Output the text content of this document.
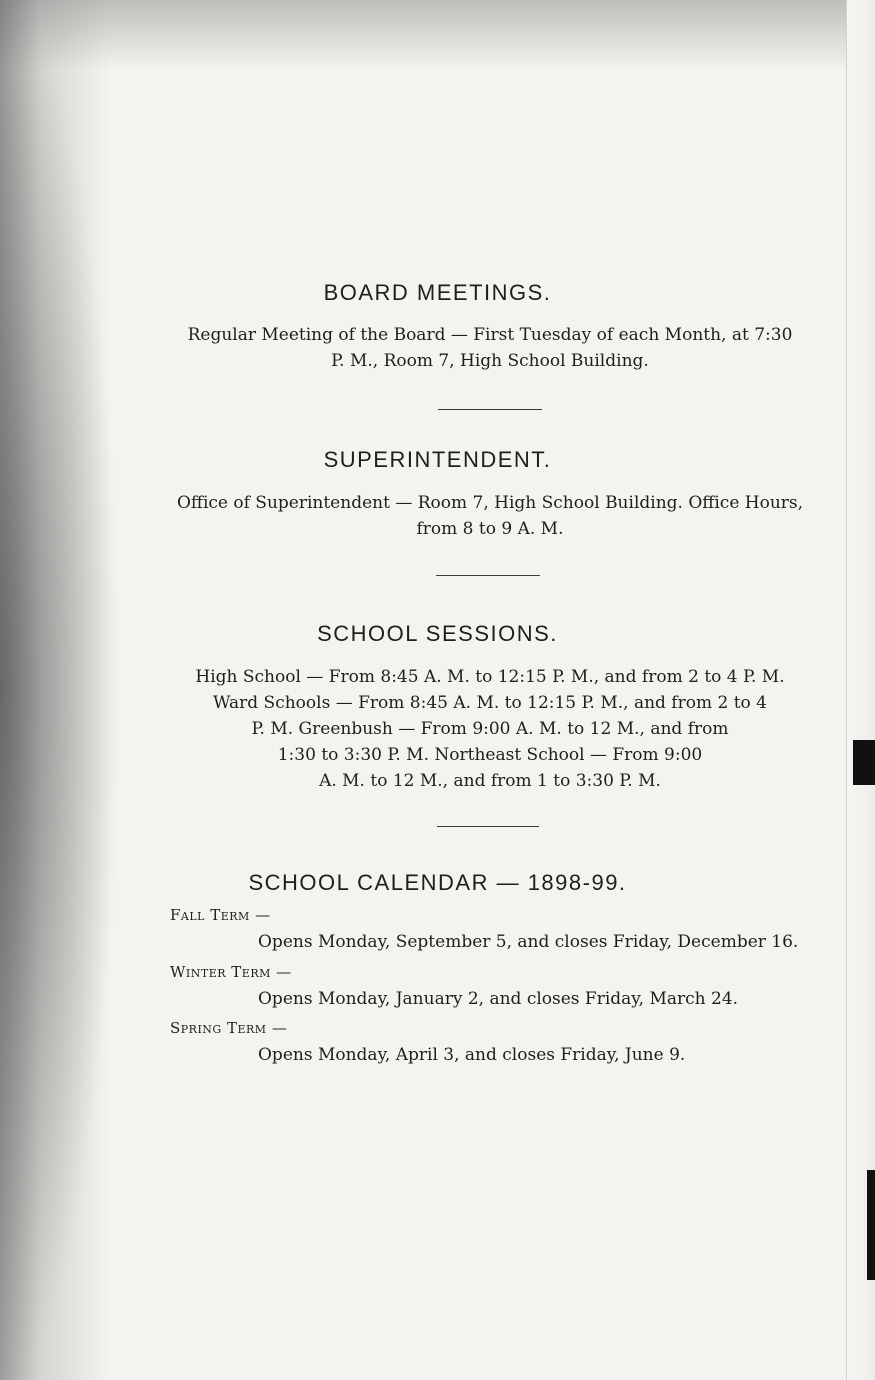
BOARD MEETINGS.
Regular Meeting of the Board — First Tuesday of each Month, at 7:30
P. M., Room 7, High School Building.
SUPERINTENDENT.
Office of Superintendent — Room 7, High School Building. Office Hours,
from 8 to 9 A. M.
SCHOOL SESSIONS.
High School — From 8:45 A. M. to 12:15 P. M., and from 2 to 4 P. M.
Ward Schools — From 8:45 A. M. to 12:15 P. M., and from 2 to 4
P. M. Greenbush — From 9:00 A. M. to 12 M., and from
1:30 to 3:30 P. M. Northeast School — From 9:00
A. M. to 12 M., and from 1 to 3:30 P. M.
SCHOOL CALENDAR — 1898-99.
Fall Term —
Opens Monday, September 5, and closes Friday, December 16.
Winter Term —
Opens Monday, January 2, and closes Friday, March 24.
Spring Term —
Opens Monday, April 3, and closes Friday, June 9.
